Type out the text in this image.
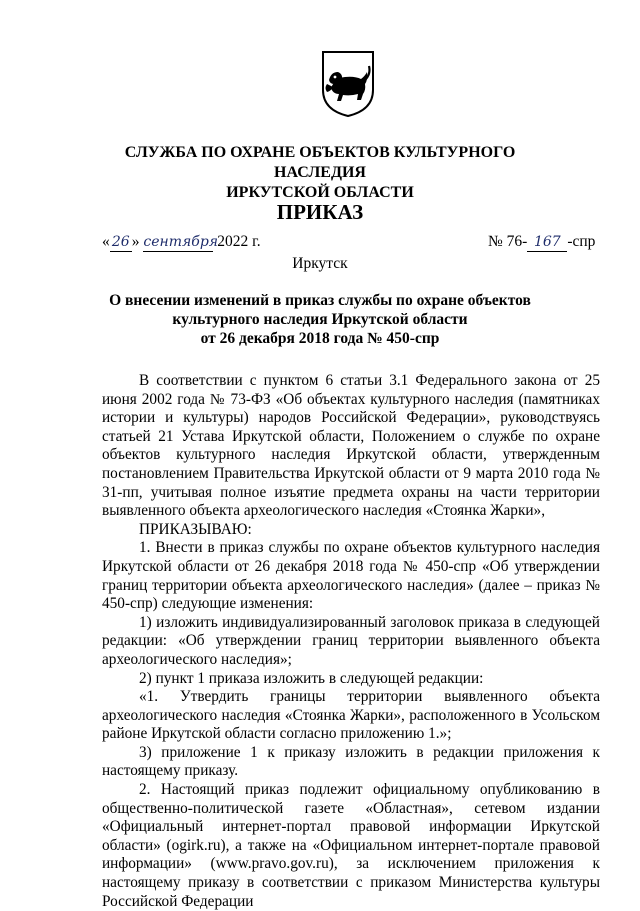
СЛУЖБА ПО ОХРАНЕ ОБЪЕКТОВ КУЛЬТУРНОГО НАСЛЕДИЯ
ИРКУТСКОЙ ОБЛАСТИ
ПРИКАЗ
« 26 » сентября 2022 г.	№ 76- 167 -спр
Иркутск
О внесении изменений в приказ службы по охране объектов
культурного наследия Иркутской области
от 26 декабря 2018 года № 450-спр

В соответствии с пунктом 6 статьи 3.1 Федерального закона от 25 июня 2002 года № 73-ФЗ «Об объектах культурного наследия (памятниках истории и культуры) народов Российской Федерации», руководствуясь статьей 21 Устава Иркутской области, Положением о службе по охране объектов культурного наследия Иркутской области, утвержденным постановлением Правительства Иркутской области от 9 марта 2010 года № 31-пп, учитывая полное изъятие предмета охраны на части территории выявленного объекта археологического наследия «Стоянка Жарки»,

ПРИКАЗЫВАЮ:

1. Внести в приказ службы по охране объектов культурного наследия Иркутской области от 26 декабря 2018 года № 450-спр «Об утверждении границ территории объекта археологического наследия» (далее – приказ № 450-спр) следующие изменения:

1) изложить индивидуализированный заголовок приказа в следующей редакции: «Об утверждении границ территории выявленного объекта археологического наследия»;

2) пункт 1 приказа изложить в следующей редакции:

«1. Утвердить границы территории выявленного объекта археологического наследия «Стоянка Жарки», расположенного в Усольском районе Иркутской области согласно приложению 1.»;

3) приложение 1 к приказу изложить в редакции приложения к настоящему приказу.

2. Настоящий приказ подлежит официальному опубликованию в общественно-политической газете «Областная», сетевом издании «Официальный интернет-портал правовой информации Иркутской области» (ogirk.ru), а также на «Официальном интернет-портале правовой информации» (www.pravo.gov.ru), за исключением приложения к настоящему приказу в соответствии с приказом Министерства культуры Российской Федерации
